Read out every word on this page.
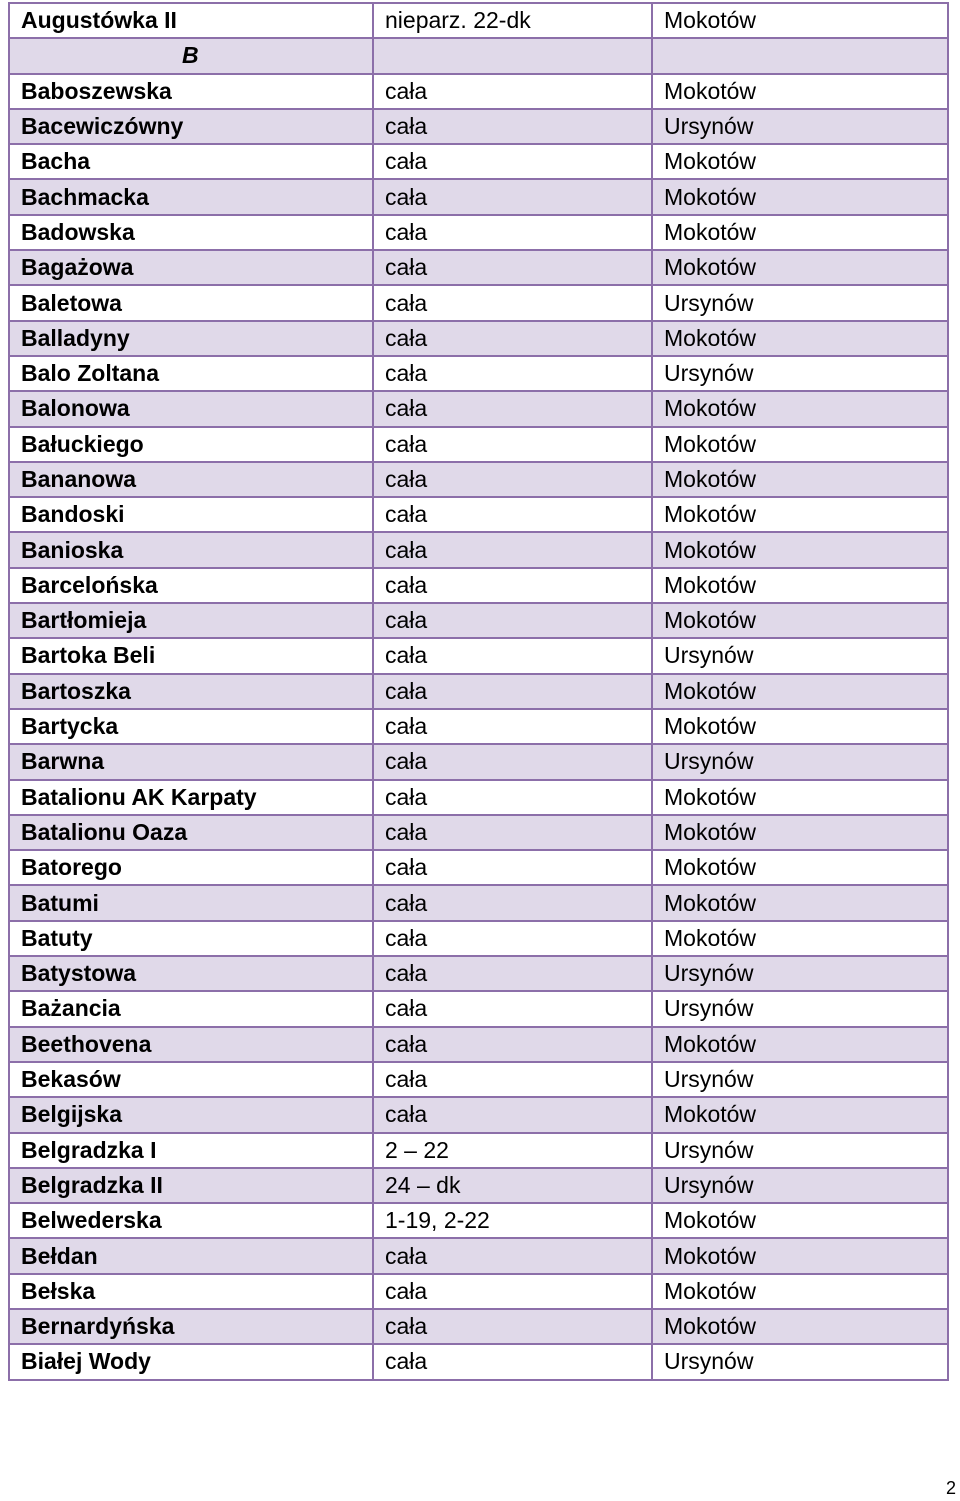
Augustówka II	nieparz. 22-dk	Mokotów
B		
Baboszewska	cała	Mokotów
Bacewiczówny	cała	Ursynów
Bacha	cała	Mokotów
Bachmacka	cała	Mokotów
Badowska	cała	Mokotów
Bagażowa	cała	Mokotów
Baletowa	cała	Ursynów
Balladyny	cała	Mokotów
Balo Zoltana	cała	Ursynów
Balonowa	cała	Mokotów
Bałuckiego	cała	Mokotów
Bananowa	cała	Mokotów
Bandoski	cała	Mokotów
Banioska	cała	Mokotów
Barcelońska	cała	Mokotów
Bartłomieja	cała	Mokotów
Bartoka Beli	cała	Ursynów
Bartoszka	cała	Mokotów
Bartycka	cała	Mokotów
Barwna	cała	Ursynów
Batalionu AK Karpaty	cała	Mokotów
Batalionu Oaza	cała	Mokotów
Batorego	cała	Mokotów
Batumi	cała	Mokotów
Batuty	cała	Mokotów
Batystowa	cała	Ursynów
Bażancia	cała	Ursynów
Beethovena	cała	Mokotów
Bekasów	cała	Ursynów
Belgijska	cała	Mokotów
Belgradzka I	2 – 22	Ursynów
Belgradzka II	24 – dk	Ursynów
Belwederska	1-19, 2-22	Mokotów
Bełdan	cała	Mokotów
Bełska	cała	Mokotów
Bernardyńska	cała	Mokotów
Białej Wody	cała	Ursynów
2
